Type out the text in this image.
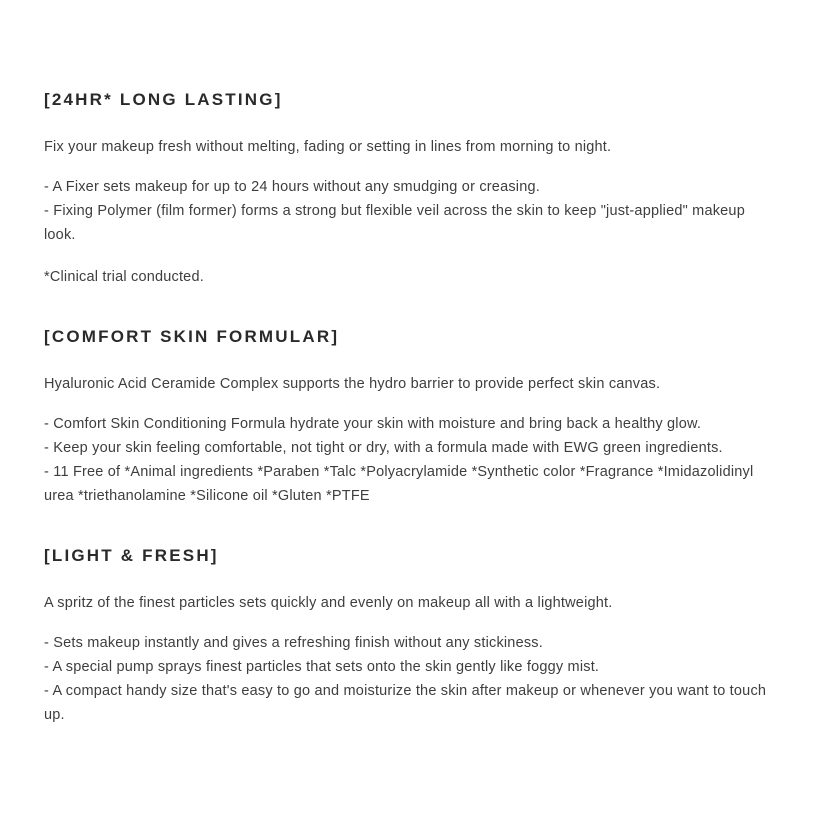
[24HR* LONG LASTING]

Fix your makeup fresh without melting, fading or setting in lines from morning to night.

- A Fixer sets makeup for up to 24 hours without any smudging or creasing.

- Fixing Polymer (film former) forms a strong but flexible veil across the skin to keep "just-applied" makeup look.

*Clinical trial conducted.

[COMFORT SKIN FORMULAR]

Hyaluronic Acid Ceramide Complex supports the hydro barrier to provide perfect skin canvas.

- Comfort Skin Conditioning Formula hydrate your skin with moisture and bring back a healthy glow.

- Keep your skin feeling comfortable, not tight or dry, with a formula made with EWG green ingredients.

- 11 Free of *Animal ingredients *Paraben *Talc *Polyacrylamide *Synthetic color *Fragrance *Imidazolidinyl urea *triethanolamine *Silicone oil *Gluten *PTFE

[LIGHT & FRESH]

A spritz of the finest particles sets quickly and evenly on makeup all with a lightweight.

- Sets makeup instantly and gives a refreshing finish without any stickiness.

- A special pump sprays finest particles that sets onto the skin gently like foggy mist.

- A compact handy size that's easy to go and moisturize the skin after makeup or whenever you want to touch up.
